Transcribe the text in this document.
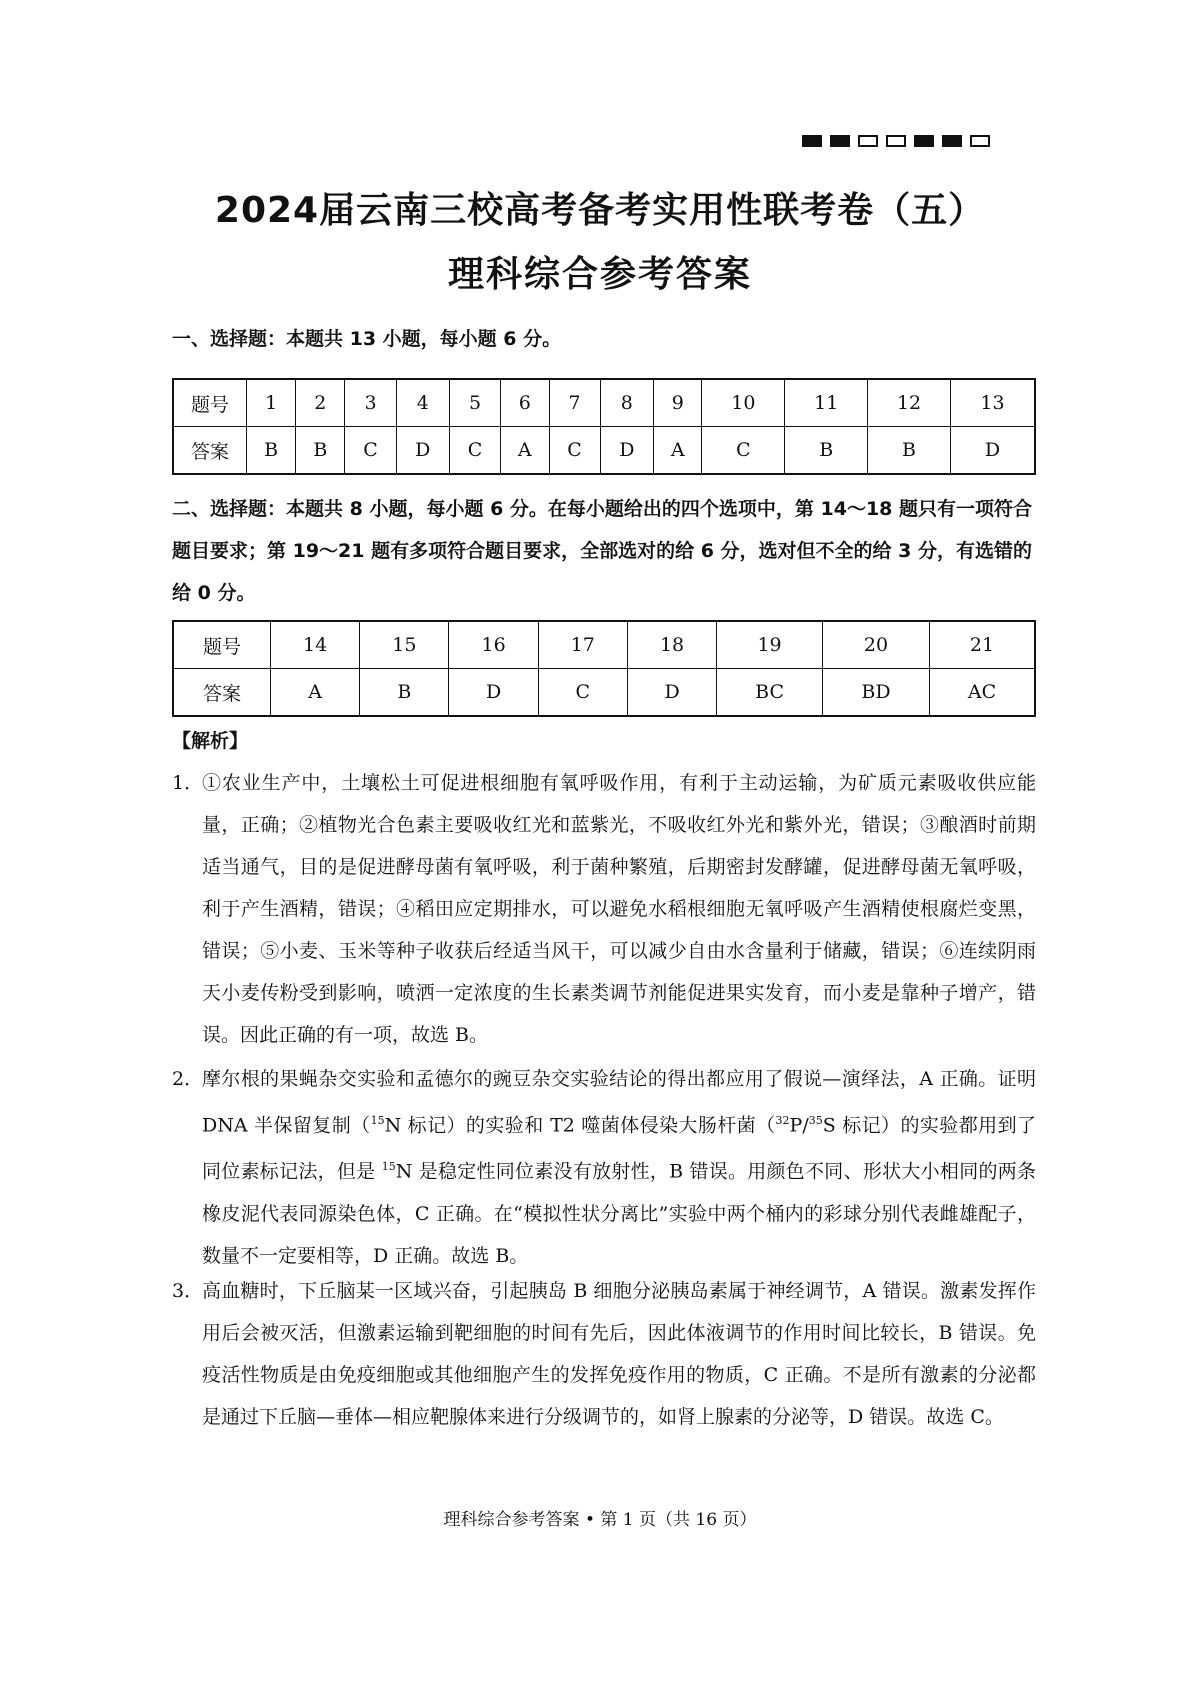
2024届云南三校高考备考实用性联考卷（五）
理科综合参考答案
一、选择题：本题共 13 小题，每小题 6 分。
题号	1	2	3	4	5	6	7	8	9	10	11	12	13
答案	B	B	C	D	C	A	C	D	A	C	B	B	D
二、选择题：本题共 8 小题，每小题 6 分。在每小题给出的四个选项中，第 14～18 题只有一项符合题目要求；第 19～21 题有多项符合题目要求，全部选对的给 6 分，选对但不全的给 3 分，有选错的给 0 分。
题号	14	15	16	17	18	19	20	21
答案	A	B	D	C	D	BC	BD	AC
【解析】
1．
①农业生产中，土壤松土可促进根细胞有氧呼吸作用，有利于主动运输，为矿质元素吸收供应能量，正确；②植物光合色素主要吸收红光和蓝紫光，不吸收红外光和紫外光，错误；③酿酒时前期适当通气，目的是促进酵母菌有氧呼吸，利于菌种繁殖，后期密封发酵罐，促进酵母菌无氧呼吸，利于产生酒精，错误；④稻田应定期排水，可以避免水稻根细胞无氧呼吸产生酒精使根腐烂变黑，错误；⑤小麦、玉米等种子收获后经适当风干，可以减少自由水含量利于储藏，错误；⑥连续阴雨天小麦传粉受到影响，喷洒一定浓度的生长素类调节剂能促进果实发育，而小麦是靠种子增产，错误。因此正确的有一项，故选 B。
2．
摩尔根的果蝇杂交实验和孟德尔的豌豆杂交实验结论的得出都应用了假说—演绎法，A 正确。证明 DNA 半保留复制（$^{15}$N 标记）的实验和 T2 噬菌体侵染大肠杆菌（$^{32}$P/$^{35}$S 标记）的实验都用到了同位素标记法，但是 $^{15}$N 是稳定性同位素没有放射性，B 错误。用颜色不同、形状大小相同的两条橡皮泥代表同源染色体，C 正确。在“模拟性状分离比”实验中两个桶内的彩球分别代表雌雄配子，数量不一定要相等，D 正确。故选 B。
3．
高血糖时，下丘脑某一区域兴奋，引起胰岛 B 细胞分泌胰岛素属于神经调节，A 错误。激素发挥作用后会被灭活，但激素运输到靶细胞的时间有先后，因此体液调节的作用时间比较长，B 错误。免疫活性物质是由免疫细胞或其他细胞产生的发挥免疫作用的物质，C 正确。不是所有激素的分泌都是通过下丘脑—垂体—相应靶腺体来进行分级调节的，如肾上腺素的分泌等，D 错误。故选 C。
理科综合参考答案 • 第 1 页（共 16 页）
